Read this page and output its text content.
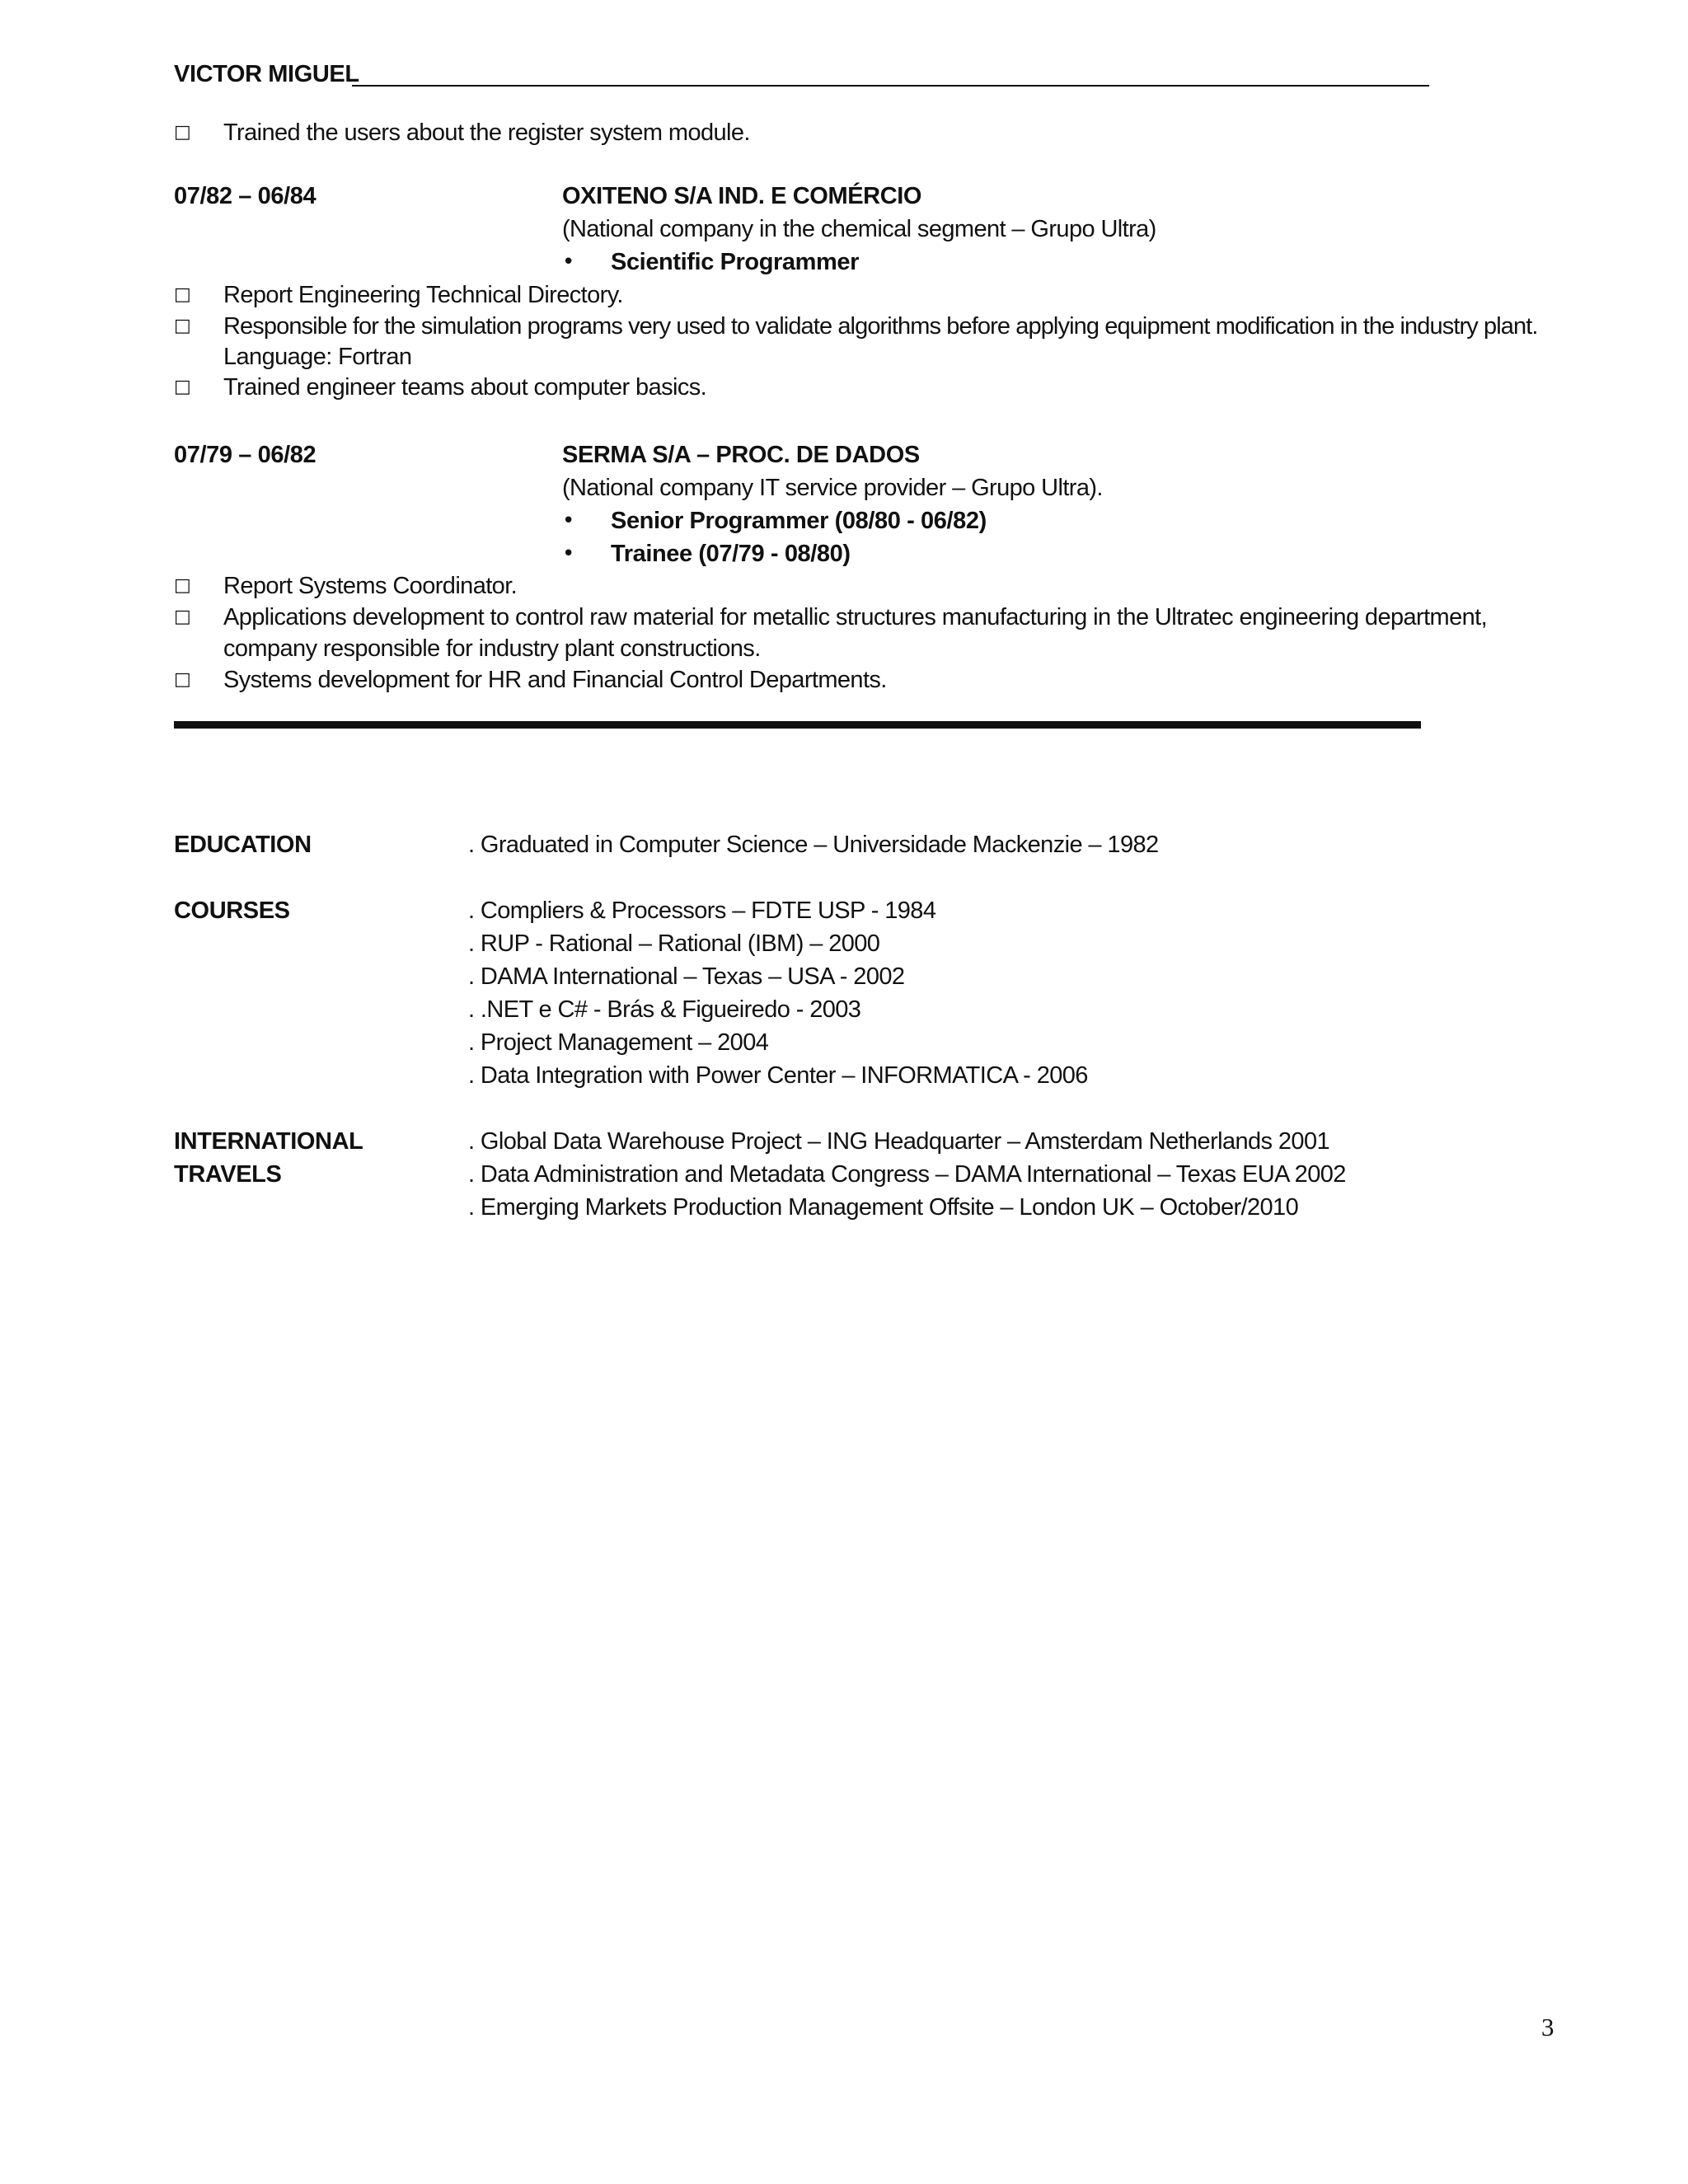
VICTOR MIGUEL
□ Trained the users about the register system module.
07/82 – 06/84	OXITENO S/A IND. E COMÉRCIO
(National company in the chemical segment – Grupo Ultra)
• Scientific Programmer
□ Report Engineering Technical Directory.
□ Responsible for the simulation programs very used to validate algorithms before applying equipment modification in the industry plant.
Language: Fortran
□ Trained engineer teams about computer basics.
07/79 – 06/82	SERMA S/A – PROC. DE DADOS
(National company IT service provider – Grupo Ultra).
• Senior Programmer (08/80 - 06/82)
• Trainee (07/79 - 08/80)
□ Report Systems Coordinator.
□ Applications development to control raw material for metallic structures manufacturing in the Ultratec engineering department,
company responsible for industry plant constructions.
□ Systems development for HR and Financial Control Departments.
EDUCATION	. Graduated in Computer Science – Universidade Mackenzie – 1982
COURSES	. Compliers & Processors – FDTE USP - 1984
. RUP - Rational – Rational (IBM) – 2000
. DAMA International – Texas – USA - 2002
. .NET e C# - Brás & Figueiredo - 2003
. Project Management – 2004
. Data Integration with Power Center – INFORMATICA - 2006
INTERNATIONAL
TRAVELS
. Global Data Warehouse Project – ING Headquarter – Amsterdam Netherlands 2001
. Data Administration and Metadata Congress – DAMA International – Texas EUA 2002
. Emerging Markets Production Management Offsite – London UK – October/2010
3
